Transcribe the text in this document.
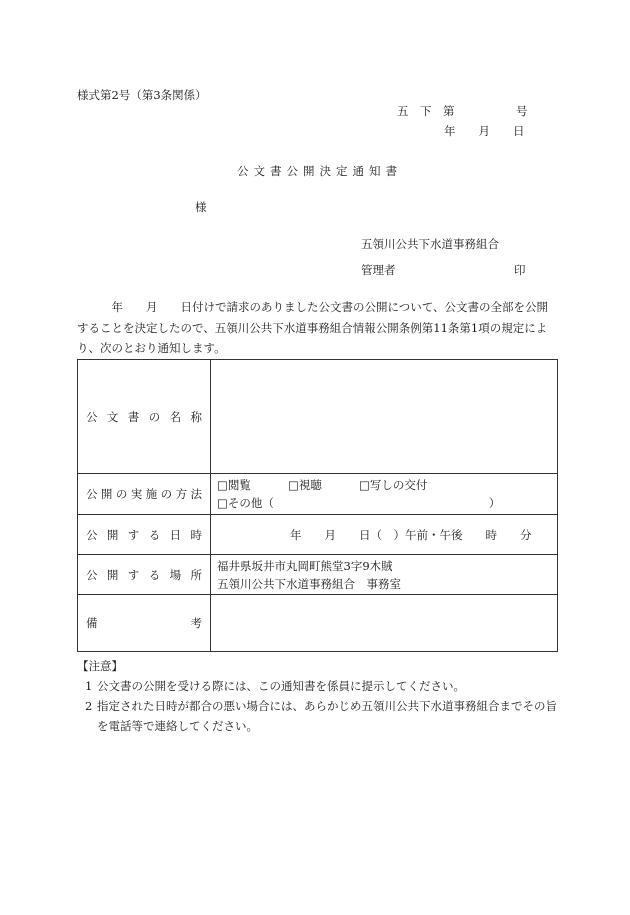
様式第2号（第3条関係）
五　下　第	号
年　　月　　日
公文書公開決定通知書
様
五領川公共下水道事務組合
管理者	印
　　　年　　月　　日付けで請求のありました公文書の公開について、公文書の全部を公開することを決定したので、五領川公共下水道事務組合情報公開条例第11条第1項の規定により、次のとおり通知します。
公文書の名称	
公開の実施の方法	□閲覧 □視聴 □写しの交付
□その他（ ）

公開する日時	年　　月　　日（　）午前・午後　　時　　分
公開する場所	福井県坂井市丸岡町熊堂3字9木賊
五領川公共下水道事務組合　事務室

備 考	

【注意】
1 公文書の公開を受ける際には、この通知書を係員に提示してください。
2 指定された日時が都合の悪い場合には、あらかじめ五領川公共下水道事務組合までその旨を電話等で連絡してください。
